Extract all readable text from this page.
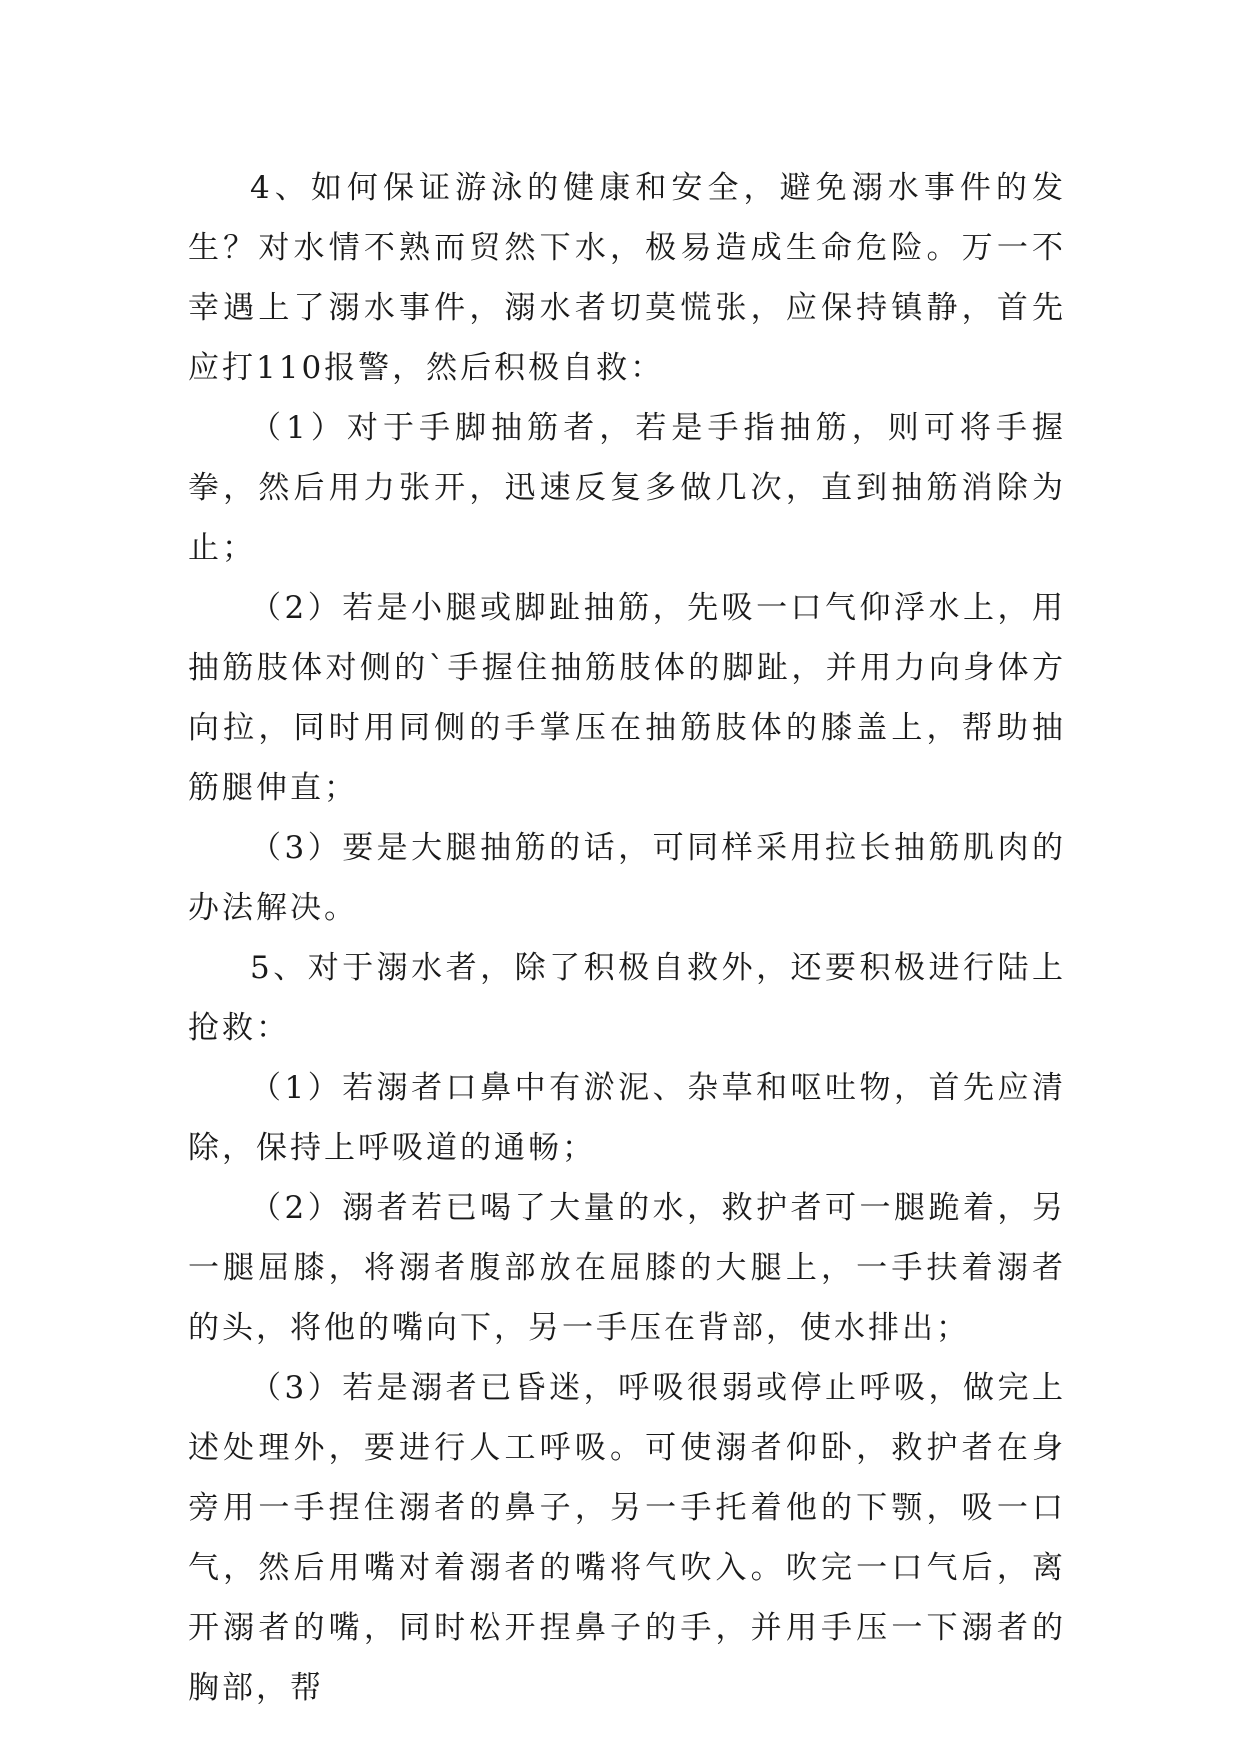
4、如何保证游泳的健康和安全，避免溺水事件的发生？对水情不熟而贸然下水，极易造成生命危险。万一不幸遇上了溺水事件，溺水者切莫慌张，应保持镇静，首先应打110报警，然后积极自救：

（1）对于手脚抽筋者，若是手指抽筋，则可将手握拳，然后用力张开，迅速反复多做几次，直到抽筋消除为止；

（2）若是小腿或脚趾抽筋，先吸一口气仰浮水上，用抽筋肢体对侧的`手握住抽筋肢体的脚趾，并用力向身体方向拉，同时用同侧的手掌压在抽筋肢体的膝盖上，帮助抽筋腿伸直；

（3）要是大腿抽筋的话，可同样采用拉长抽筋肌肉的办法解决。

5、对于溺水者，除了积极自救外，还要积极进行陆上抢救：

（1）若溺者口鼻中有淤泥、杂草和呕吐物，首先应清除，保持上呼吸道的通畅；

（2）溺者若已喝了大量的水，救护者可一腿跪着，另一腿屈膝，将溺者腹部放在屈膝的大腿上，一手扶着溺者的头，将他的嘴向下，另一手压在背部，使水排出；

（3）若是溺者已昏迷，呼吸很弱或停止呼吸，做完上述处理外，要进行人工呼吸。可使溺者仰卧，救护者在身旁用一手捏住溺者的鼻子，另一手托着他的下颚，吸一口气，然后用嘴对着溺者的嘴将气吹入。吹完一口气后，离开溺者的嘴，同时松开捏鼻子的手，并用手压一下溺者的胸部，帮
